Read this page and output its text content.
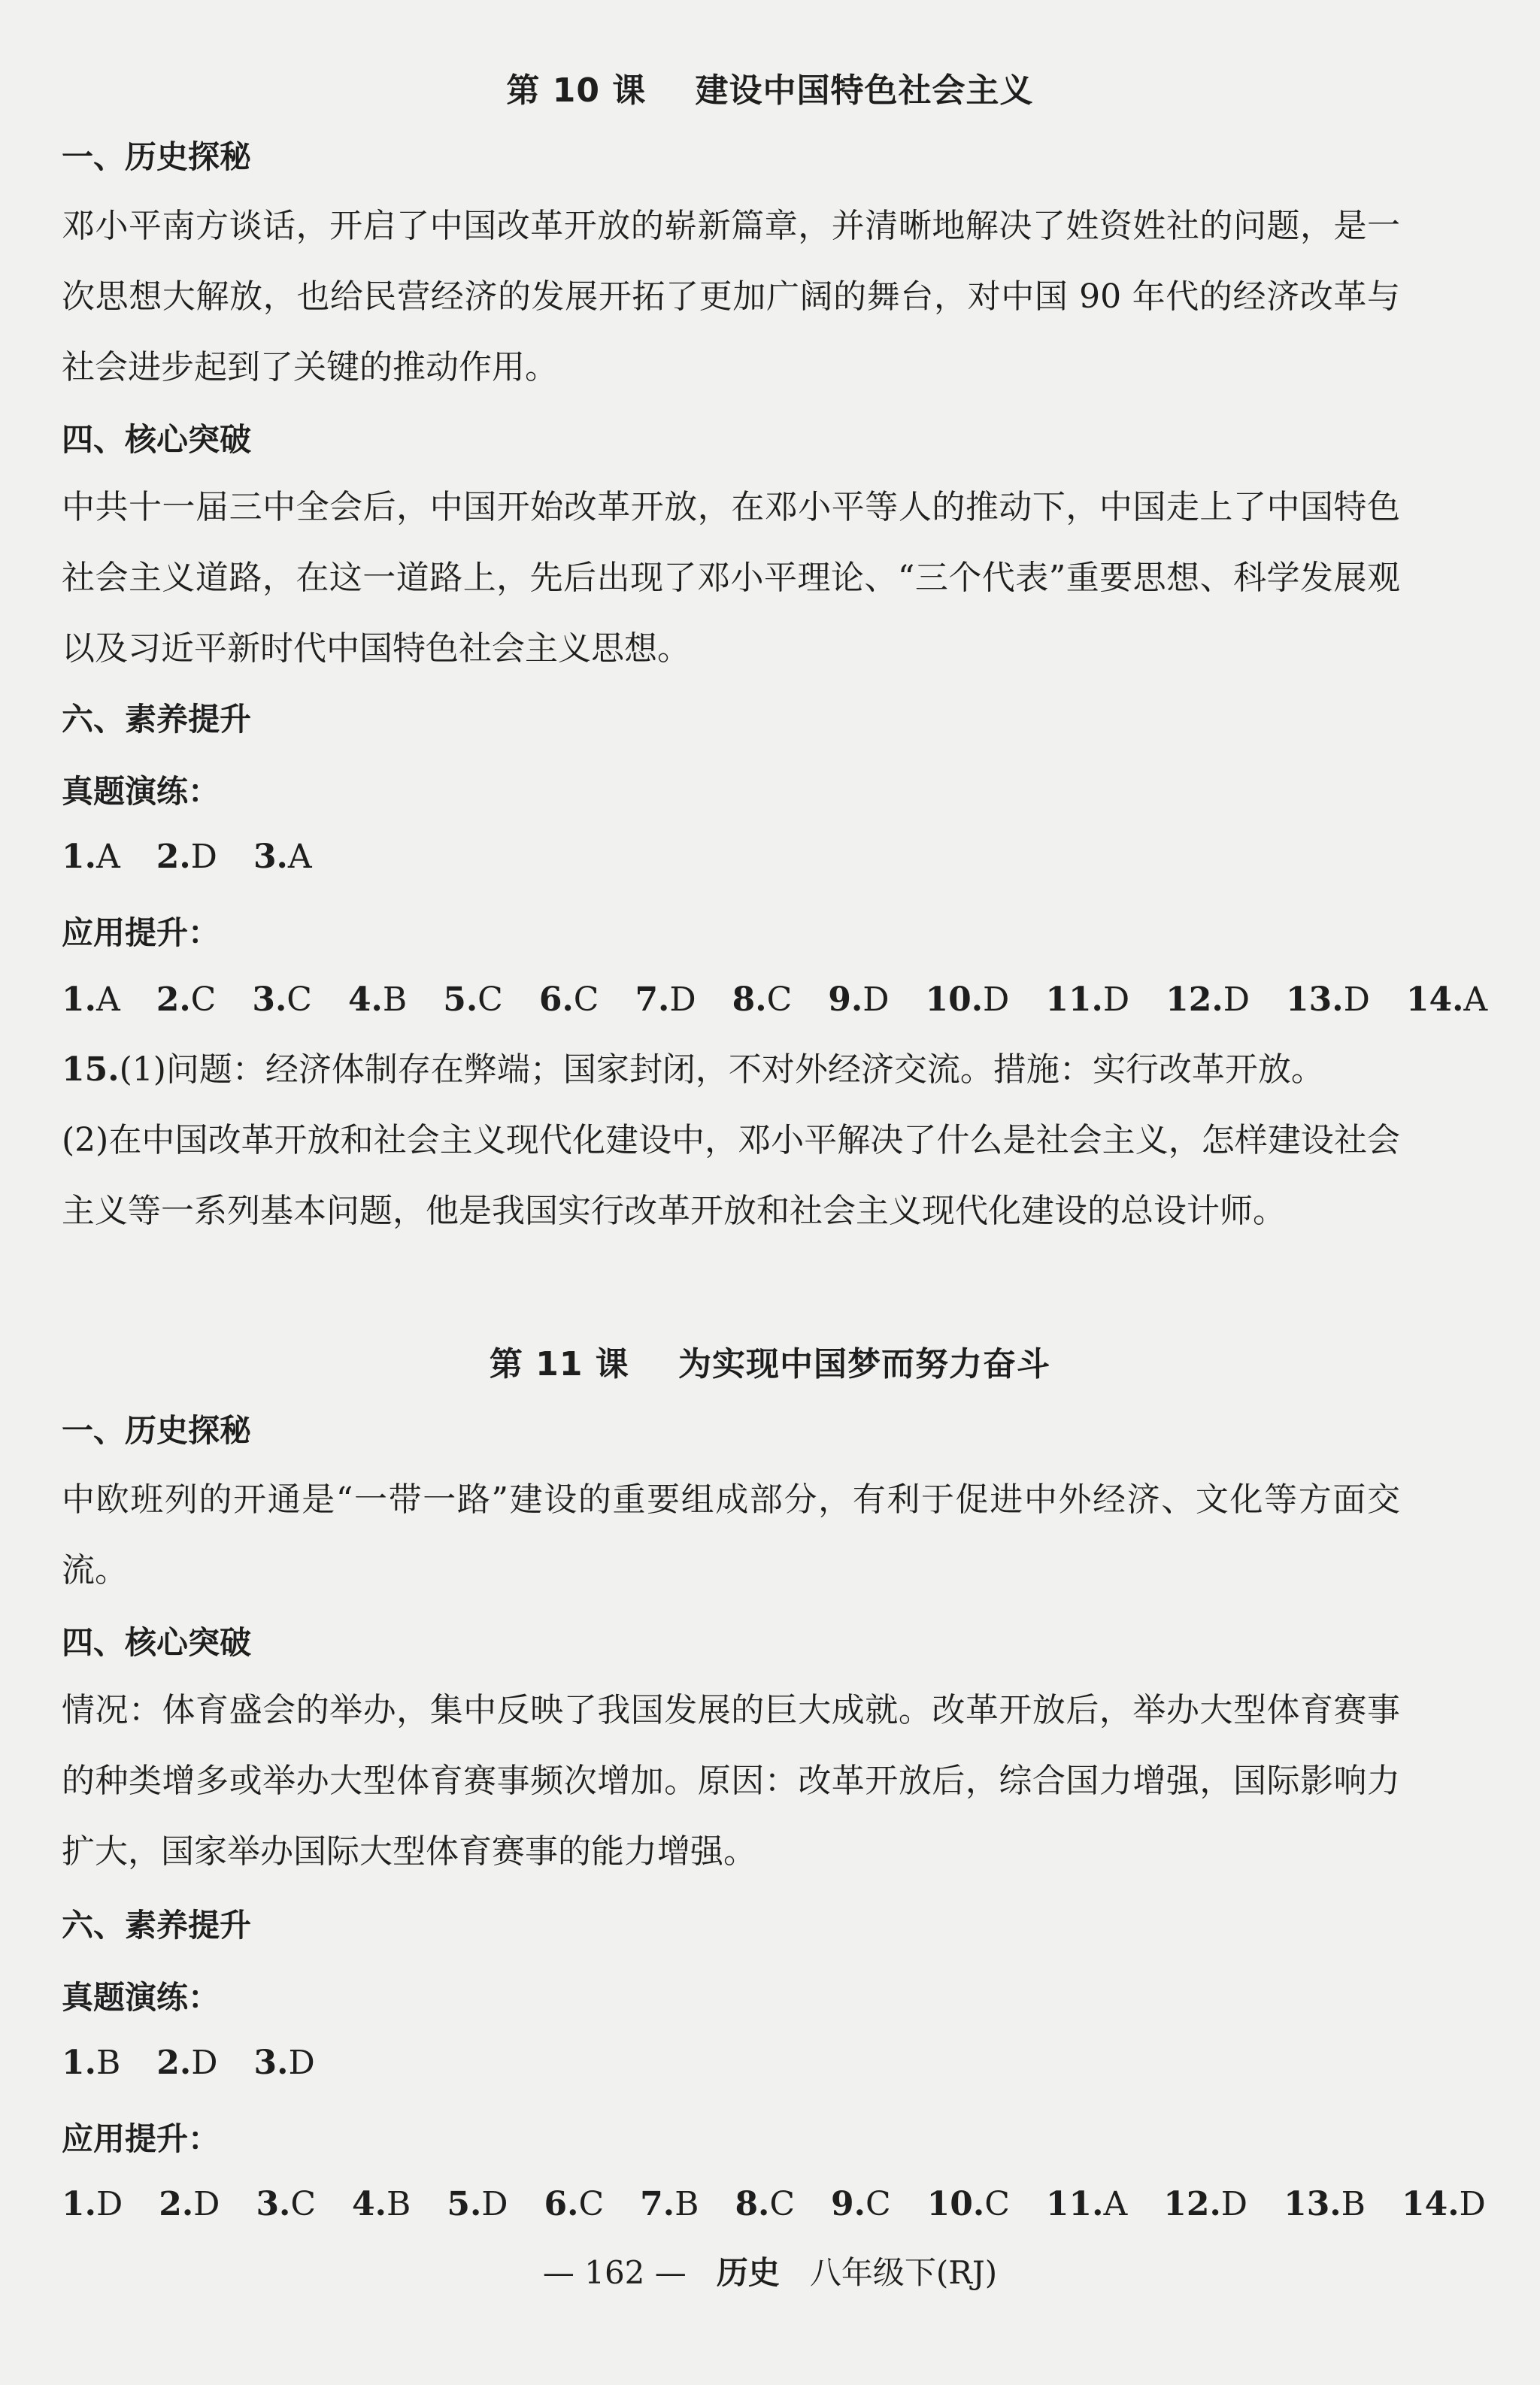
第 10 课    建设中国特色社会主义
一、历史探秘
邓小平南方谈话，开启了中国改革开放的崭新篇章，并清晰地解决了姓资姓社的问题，是一次思想大解放，也给民营经济的发展开拓了更加广阔的舞台，对中国 90 年代的经济改革与社会进步起到了关键的推动作用。
四、核心突破
中共十一届三中全会后，中国开始改革开放，在邓小平等人的推动下，中国走上了中国特色社会主义道路，在这一道路上，先后出现了邓小平理论、“三个代表”重要思想、科学发展观以及习近平新时代中国特色社会主义思想。
六、素养提升
真题演练：
1.A 2.D 3.A
应用提升：
1.A 2.C 3.C 4.B 5.C 6.C 7.D 8.C 9.D 10.D 11.D 12.D 13.D 14.A
15.(1)问题：经济体制存在弊端；国家封闭，不对外经济交流。措施：实行改革开放。
(2)在中国改革开放和社会主义现代化建设中，邓小平解决了什么是社会主义，怎样建设社会主义等一系列基本问题，他是我国实行改革开放和社会主义现代化建设的总设计师。
第 11 课    为实现中国梦而努力奋斗
一、历史探秘
中欧班列的开通是“一带一路”建设的重要组成部分，有利于促进中外经济、文化等方面交流。
四、核心突破
情况：体育盛会的举办，集中反映了我国发展的巨大成就。改革开放后，举办大型体育赛事的种类增多或举办大型体育赛事频次增加。原因：改革开放后，综合国力增强，国际影响力扩大，国家举办国际大型体育赛事的能力增强。
六、素养提升
真题演练：
1.B 2.D 3.D
应用提升：
1.D 2.D 3.C 4.B 5.D 6.C 7.B 8.C 9.C 10.C 11.A 12.D 13.B 14.D
— 162 — 历史 八年级下(RJ)
